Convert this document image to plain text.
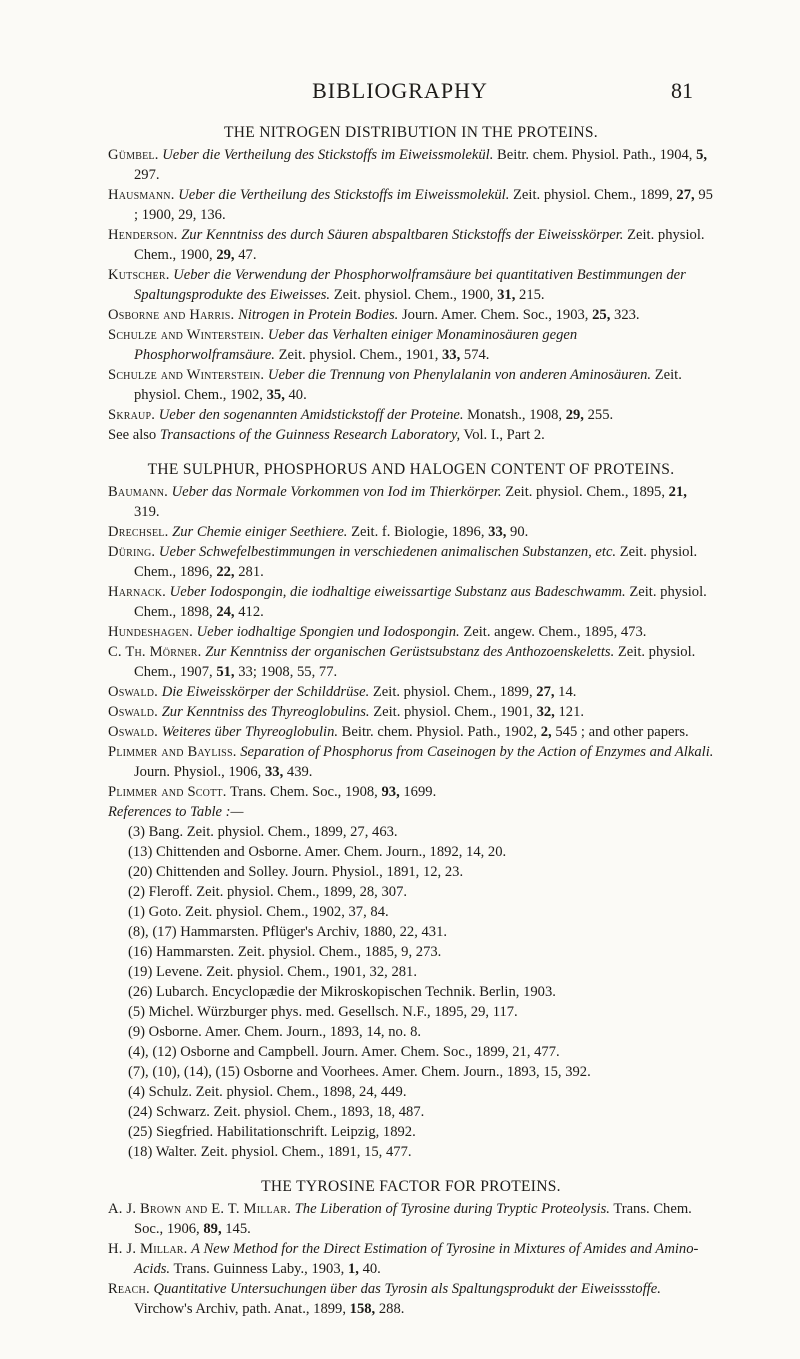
BIBLIOGRAPHY	81
THE NITROGEN DISTRIBUTION IN THE PROTEINS.

Gümbel. Ueber die Vertheilung des Stickstoffs im Eiweissmolekül. Beitr. chem. Physiol. Path., 1904, 5, 297.

Hausmann. Ueber die Vertheilung des Stickstoffs im Eiweissmolekül. Zeit. physiol. Chem., 1899, 27, 95 ; 1900, 29, 136.

Henderson. Zur Kenntniss des durch Säuren abspaltbaren Stickstoffs der Eiweisskörper. Zeit. physiol. Chem., 1900, 29, 47.

Kutscher. Ueber die Verwendung der Phosphorwolframsäure bei quantitativen Bestimmungen der Spaltungsprodukte des Eiweisses. Zeit. physiol. Chem., 1900, 31, 215.

Osborne and Harris. Nitrogen in Protein Bodies. Journ. Amer. Chem. Soc., 1903, 25, 323.

Schulze and Winterstein. Ueber das Verhalten einiger Monaminosäuren gegen Phosphorwolframsäure. Zeit. physiol. Chem., 1901, 33, 574.

Schulze and Winterstein. Ueber die Trennung von Phenylalanin von anderen Aminosäuren. Zeit. physiol. Chem., 1902, 35, 40.

Skraup. Ueber den sogenannten Amidstickstoff der Proteine. Monatsh., 1908, 29, 255.

See also Transactions of the Guinness Research Laboratory, Vol. I., Part 2.

THE SULPHUR, PHOSPHORUS AND HALOGEN CONTENT OF PROTEINS.

Baumann. Ueber das Normale Vorkommen von Iod im Thierkörper. Zeit. physiol. Chem., 1895, 21, 319.

Drechsel. Zur Chemie einiger Seethiere. Zeit. f. Biologie, 1896, 33, 90.

Düring. Ueber Schwefelbestimmungen in verschiedenen animalischen Substanzen, etc. Zeit. physiol. Chem., 1896, 22, 281.

Harnack. Ueber Iodospongin, die iodhaltige eiweissartige Substanz aus Badeschwamm. Zeit. physiol. Chem., 1898, 24, 412.

Hundeshagen. Ueber iodhaltige Spongien und Iodospongin. Zeit. angew. Chem., 1895, 473.

C. Th. Mörner. Zur Kenntniss der organischen Gerüstsubstanz des Anthozoenskeletts. Zeit. physiol. Chem., 1907, 51, 33; 1908, 55, 77.

Oswald. Die Eiweisskörper der Schilddrüse. Zeit. physiol. Chem., 1899, 27, 14.

Oswald. Zur Kenntniss des Thyreoglobulins. Zeit. physiol. Chem., 1901, 32, 121.

Oswald. Weiteres über Thyreoglobulin. Beitr. chem. Physiol. Path., 1902, 2, 545 ; and other papers.

Plimmer and Bayliss. Separation of Phosphorus from Caseinogen by the Action of Enzymes and Alkali. Journ. Physiol., 1906, 33, 439.

Plimmer and Scott. Trans. Chem. Soc., 1908, 93, 1699.

References to Table :—

(3) Bang. Zeit. physiol. Chem., 1899, 27, 463.

(13) Chittenden and Osborne. Amer. Chem. Journ., 1892, 14, 20.

(20) Chittenden and Solley. Journ. Physiol., 1891, 12, 23.

(2) Fleroff. Zeit. physiol. Chem., 1899, 28, 307.

(1) Goto. Zeit. physiol. Chem., 1902, 37, 84.

(8), (17) Hammarsten. Pflüger's Archiv, 1880, 22, 431.

(16) Hammarsten. Zeit. physiol. Chem., 1885, 9, 273.

(19) Levene. Zeit. physiol. Chem., 1901, 32, 281.

(26) Lubarch. Encyclopædie der Mikroskopischen Technik. Berlin, 1903.

(5) Michel. Würzburger phys. med. Gesellsch. N.F., 1895, 29, 117.

(9) Osborne. Amer. Chem. Journ., 1893, 14, no. 8.

(4), (12) Osborne and Campbell. Journ. Amer. Chem. Soc., 1899, 21, 477.

(7), (10), (14), (15) Osborne and Voorhees. Amer. Chem. Journ., 1893, 15, 392.

(4) Schulz. Zeit. physiol. Chem., 1898, 24, 449.

(24) Schwarz. Zeit. physiol. Chem., 1893, 18, 487.

(25) Siegfried. Habilitationschrift. Leipzig, 1892.

(18) Walter. Zeit. physiol. Chem., 1891, 15, 477.

THE TYROSINE FACTOR FOR PROTEINS.

A. J. Brown and E. T. Millar. The Liberation of Tyrosine during Tryptic Proteolysis. Trans. Chem. Soc., 1906, 89, 145.

H. J. Millar. A New Method for the Direct Estimation of Tyrosine in Mixtures of Amides and Amino-Acids. Trans. Guinness Laby., 1903, 1, 40.

Reach. Quantitative Untersuchungen über das Tyrosin als Spaltungsprodukt der Eiweissstoffe. Virchow's Archiv, path. Anat., 1899, 158, 288.
